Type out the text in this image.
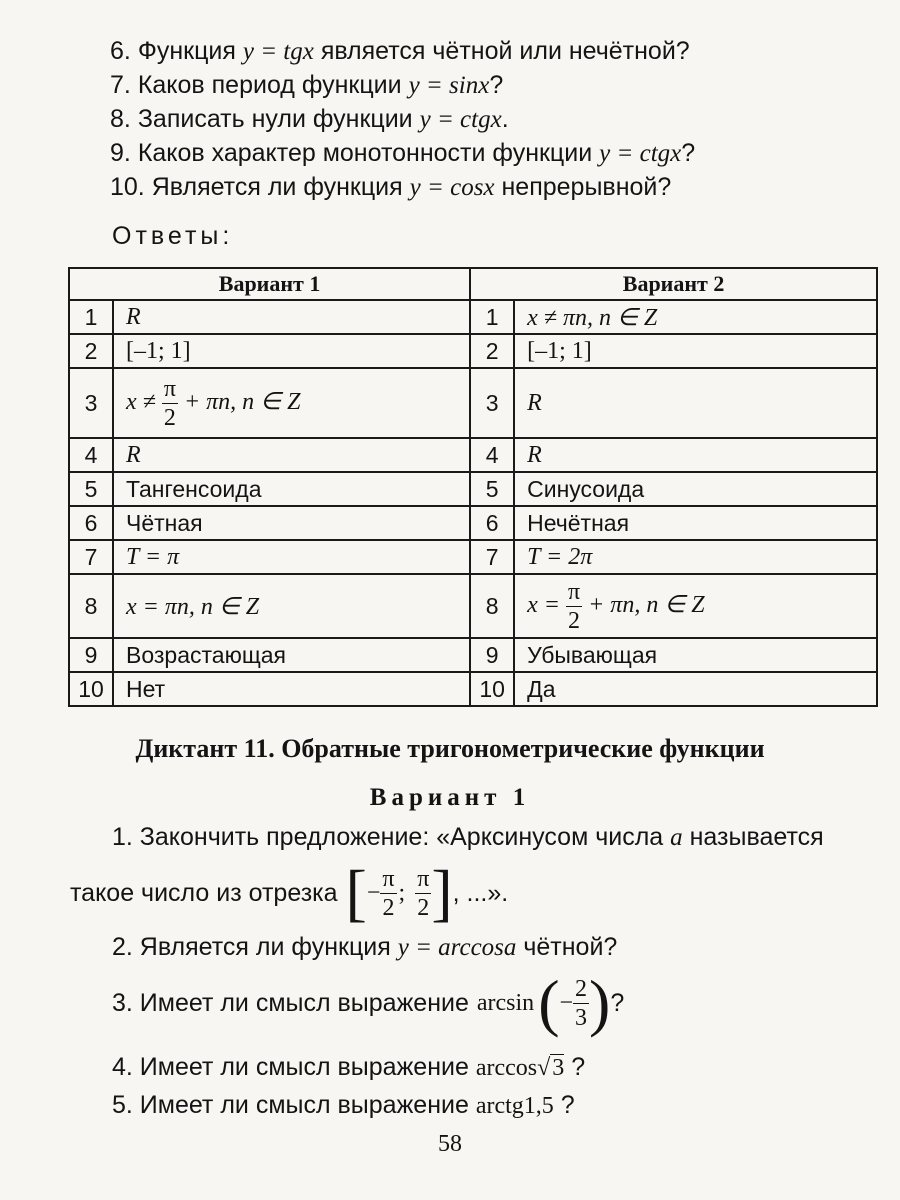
6. Функция y = tgx является чётной или нечётной?
7. Каков период функции y = sinx?
8. Записать нули функции y = ctgx.
9. Каков характер монотонности функции y = ctgx?
10. Является ли функция y = cosx непрерывной?
Ответы:
Вариант 1		Вариант 2	
1	R	1	x ≠ πn, n ∈ Z
2	[–1; 1]	2	[–1; 1]
3	$x \ne \frac{\pi}{2} + \pi n$, n ∈ Z	3	R
4	R	4	R
5	Тангенсоида	5	Синусоида
6	Чётная	6	Нечётная
7	T = π	7	T = 2π
8	x = πn, n ∈ Z	8	$x = \frac{\pi}{2} + \pi n$, n ∈ Z
9	Возрастающая	9	Убывающая
10	Нет	10	Да
Диктант 11. Обратные тригонометрические функции
Вариант 1
1. Закончить предложение: «Арксинусом числа a называется
такое число из отрезка [ − $\frac{\pi}{2}$ ; $\frac{\pi}{2}$ ] , ...».
2. Является ли функция y = arccosa чётной?
3. Имеет ли смысл выражение arcsin ( − $\frac{2}{3}$ ) ?
4. Имеет ли смысл выражение arccos√3 ?
5. Имеет ли смысл выражение arctg1,5 ?
58
